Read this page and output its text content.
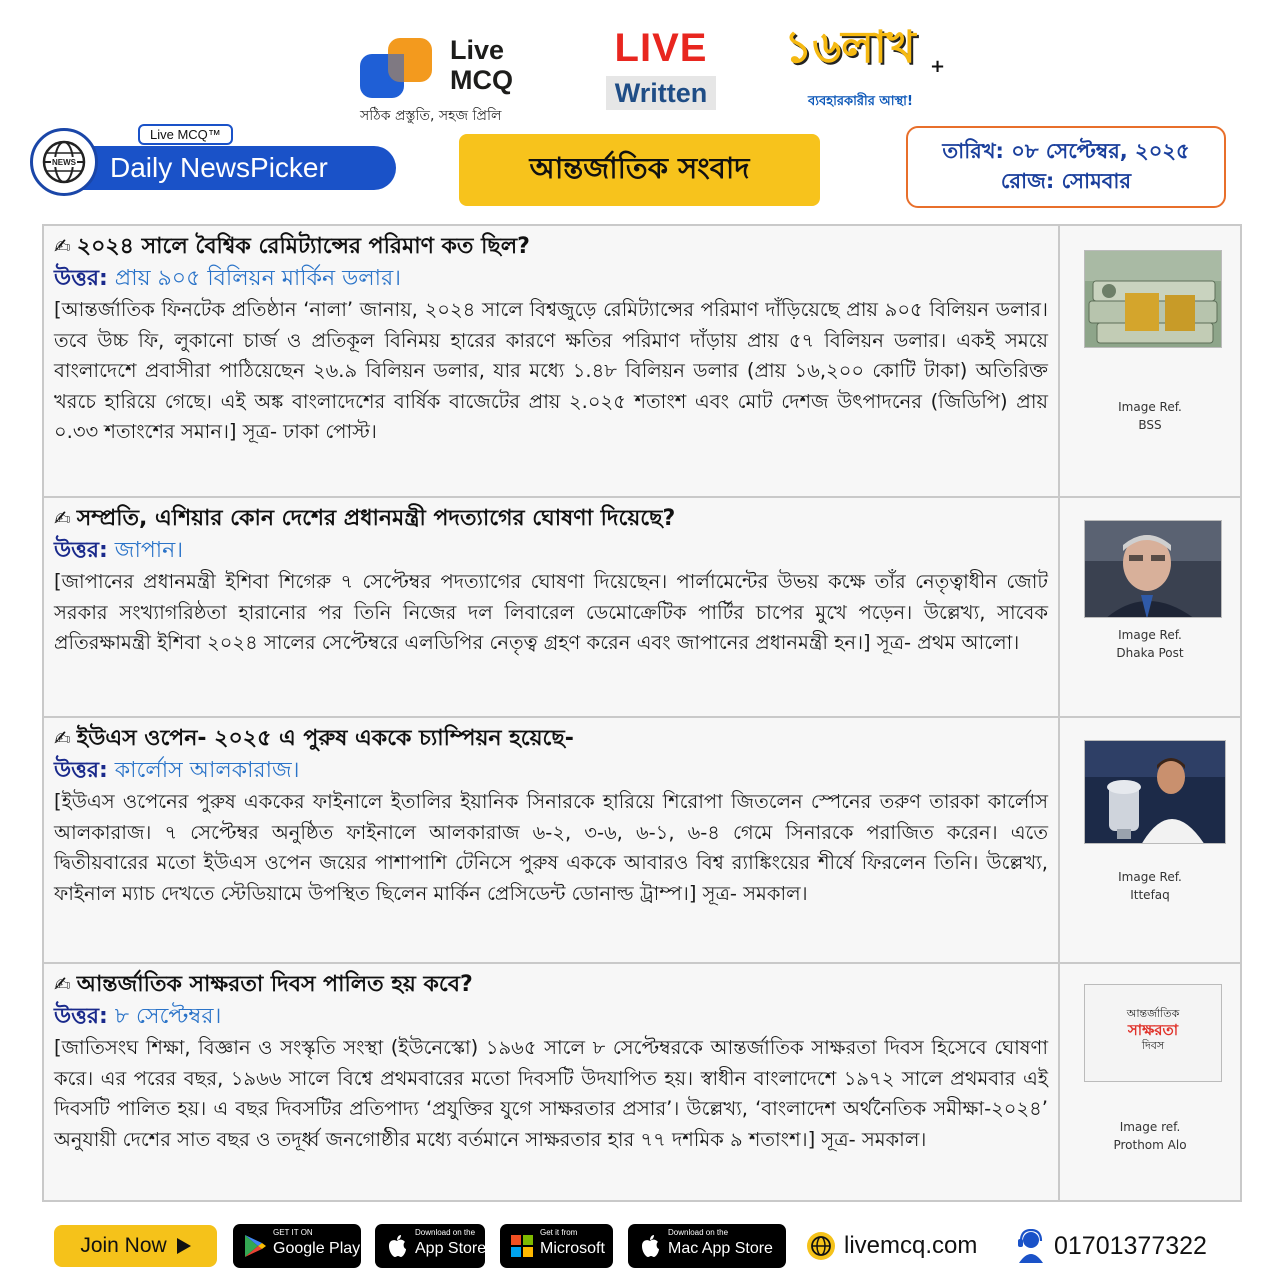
Live
MCQ
সঠিক প্রস্তুতি, সহজ প্রিলি
LIVE
Written
১৬লাখ +
ব্যবহারকারীর আস্থা!
NEWS
Live MCQ™
Daily NewsPicker	আন্তর্জাতিক সংবাদ	তারিখ: ০৮ সেপ্টেম্বর, ২০২৫
রোজ: সোমবার
✍ ২০২৪ সালে বৈশ্বিক রেমিট্যান্সের পরিমাণ কত ছিল?
উত্তর: প্রায় ৯০৫ বিলিয়ন মার্কিন ডলার।
[আন্তর্জাতিক ফিনটেক প্রতিষ্ঠান ‘নালা’ জানায়, ২০২৪ সালে বিশ্বজুড়ে রেমিট্যান্সের পরিমাণ দাঁড়িয়েছে প্রায় ৯০৫ বিলিয়ন ডলার। তবে উচ্চ ফি, লুকানো চার্জ ও প্রতিকূল বিনিময় হারের কারণে ক্ষতির পরিমাণ দাঁড়ায় প্রায় ৫৭ বিলিয়ন ডলার। একই সময়ে বাংলাদেশে প্রবাসীরা পাঠিয়েছেন ২৬.৯ বিলিয়ন ডলার, যার মধ্যে ১.৪৮ বিলিয়ন ডলার (প্রায় ১৬,২০০ কোটি টাকা) অতিরিক্ত খরচে হারিয়ে গেছে। এই অঙ্ক বাংলাদেশের বার্ষিক বাজেটের প্রায় ২.০২৫ শতাংশ এবং মোট দেশজ উৎপাদনের (জিডিপি) প্রায় ০.৩৩ শতাংশের সমান।] সূত্র- ঢাকা পোস্ট।
Image Ref.
BSS
✍ সম্প্রতি, এশিয়ার কোন দেশের প্রধানমন্ত্রী পদত্যাগের ঘোষণা দিয়েছে?
উত্তর: জাপান।
[জাপানের প্রধানমন্ত্রী ইশিবা শিগেরু ৭ সেপ্টেম্বর পদত্যাগের ঘোষণা দিয়েছেন। পার্লামেন্টের উভয় কক্ষে তাঁর নেতৃত্বাধীন জোট সরকার সংখ্যাগরিষ্ঠতা হারানোর পর তিনি নিজের দল লিবারেল ডেমোক্রেটিক পার্টির চাপের মুখে পড়েন। উল্লেখ্য, সাবেক প্রতিরক্ষামন্ত্রী ইশিবা ২০২৪ সালের সেপ্টেম্বরে এলডিপির নেতৃত্ব গ্রহণ করেন এবং জাপানের প্রধানমন্ত্রী হন।] সূত্র- প্রথম আলো।	Image Ref.
Dhaka Post
✍ ইউএস ওপেন- ২০২৫ এ পুরুষ এককে চ্যাম্পিয়ন হয়েছে-
উত্তর: কার্লোস আলকারাজ।
[ইউএস ওপেনের পুরুষ এককের ফাইনালে ইতালির ইয়ানিক সিনারকে হারিয়ে শিরোপা জিতলেন স্পেনের তরুণ তারকা কার্লোস আলকারাজ। ৭ সেপ্টেম্বর অনুষ্ঠিত ফাইনালে আলকারাজ ৬-২, ৩-৬, ৬-১, ৬-৪ গেমে সিনারকে পরাজিত করেন। এতে দ্বিতীয়বারের মতো ইউএস ওপেন জয়ের পাশাপাশি টেনিসে পুরুষ এককে আবারও বিশ্ব র‍্যাঙ্কিংয়ের শীর্ষে ফিরলেন তিনি। উল্লেখ্য, ফাইনাল ম্যাচ দেখতে স্টেডিয়ামে উপস্থিত ছিলেন মার্কিন প্রেসিডেন্ট ডোনাল্ড ট্রাম্প।] সূত্র- সমকাল।
Image Ref.
Ittefaq
✍ আন্তর্জাতিক সাক্ষরতা দিবস পালিত হয় কবে?
উত্তর: ৮ সেপ্টেম্বর।
[জাতিসংঘ শিক্ষা, বিজ্ঞান ও সংস্কৃতি সংস্থা (ইউনেস্কো) ১৯৬৫ সালে ৮ সেপ্টেম্বরকে আন্তর্জাতিক সাক্ষরতা দিবস হিসেবে ঘোষণা করে। এর পরের বছর, ১৯৬৬ সালে বিশ্বে প্রথমবারের মতো দিবসটি উদযাপিত হয়। স্বাধীন বাংলাদেশে ১৯৭২ সালে প্রথমবার এই দিবসটি পালিত হয়। এ বছর দিবসটির প্রতিপাদ্য ‘প্রযুক্তির যুগে সাক্ষরতার প্রসার’। উল্লেখ্য, ‘বাংলাদেশ অর্থনৈতিক সমীক্ষা-২০২৪’ অনুযায়ী দেশের সাত বছর ও তদূর্ধ্ব জনগোষ্ঠীর মধ্যে বর্তমানে সাক্ষরতার হার ৭৭ দশমিক ৯ শতাংশ।] সূত্র- সমকাল।
আন্তর্জাতিক
সাক্ষরতা
দিবস
Image ref.
Prothom Alo
Join Now
GET IT ON
Google Play
Download on the
App Store
Get it from
Microsoft
Download on the
Mac App Store	livemcq.com	01701377322
